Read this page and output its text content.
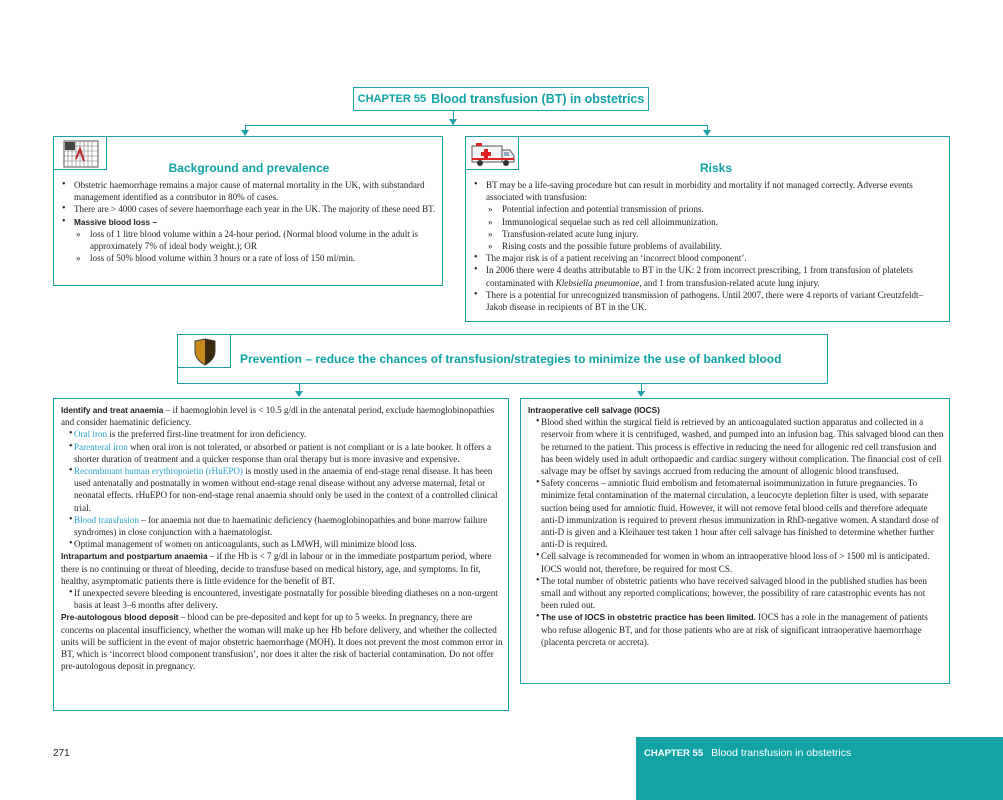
CHAPTER 55 Blood transfusion (BT) in obstetrics
Background and prevalence
• Obstetric haemorrhage remains a major cause of maternal mortality in the UK, with substandard management identified as a contributor in 80% of cases.
• There are > 4000 cases of severe haemorrhage each year in the UK. The majority of these need BT.
• Massive blood loss –
» loss of 1 litre blood volume within a 24-hour period. (Normal blood volume in the adult is approximately 7% of ideal body weight.); OR
» loss of 50% blood volume within 3 hours or a rate of loss of 150 ml/min.
Risks
• BT may be a life-saving procedure but can result in morbidity and mortality if not managed correctly. Adverse events associated with transfusion:
» Potential infection and potential transmission of prions.
» Immunological sequelae such as red cell alloimmunization.
» Transfusion-related acute lung injury.
» Rising costs and the possible future problems of availability.
• The major risk is of a patient receiving an ‘incorrect blood component’.
• In 2006 there were 4 deaths attributable to BT in the UK: 2 from incorrect prescribing, 1 from transfusion of platelets contaminated with Klebsiella pneumoniae, and 1 from transfusion-related acute lung injury.
• There is a potential for unrecognized transmission of pathogens. Until 2007, there were 4 reports of variant Creutzfeldt–Jakob disease in recipients of BT in the UK.
Prevention – reduce the chances of transfusion/strategies to minimize the use of banked blood
Identify and treat anaemia – if haemoglobin level is < 10.5 g/dl in the antenatal period, exclude haemoglobinopathies and consider haematinic deficiency.
• Oral iron is the preferred first-line treatment for iron deficiency.
• Parenteral iron when oral iron is not tolerated, or absorbed or patient is not compliant or is a late booker. It offers a shorter duration of treatment and a quicker response than oral therapy but is more invasive and expensive.
• Recombinant human erythropoietin (rHuEPO) is mostly used in the anaemia of end-stage renal disease. It has been used antenatally and postnatally in women without end-stage renal disease without any adverse maternal, fetal or neonatal effects. rHuEPO for non-end-stage renal anaemia should only be used in the context of a controlled clinical trial.
• Blood transfusion – for anaemia not due to haematinic deficiency (haemoglobinopathies and bone marrow failure syndromes) in close conjunction with a haematologist.
• Optimal management of women on anticoagulants, such as LMWH, will minimize blood loss.
Intrapartum and postpartum anaemia – if the Hb is < 7 g/dl in labour or in the immediate postpartum period, where there is no continuing or threat of bleeding, decide to transfuse based on medical history, age, and symptoms. In fit, healthy, asymptomatic patients there is little evidence for the benefit of BT.
• If unexpected severe bleeding is encountered, investigate postnatally for possible bleeding diatheses on a non-urgent basis at least 3–6 months after delivery.
Pre-autologous blood deposit – blood can be pre-deposited and kept for up to 5 weeks. In pregnancy, there are concerns on placental insufficiency, whether the woman will make up her Hb before delivery, and whether the collected units will be sufficient in the event of major obstetric haemorrhage (MOH). It does not prevent the most common error in BT, which is ‘incorrect blood component transfusion’, nor does it alter the risk of bacterial contamination. Do not offer pre-autologous deposit in pregnancy.
Intraoperative cell salvage (IOCS)
• Blood shed within the surgical field is retrieved by an anticoagulated suction apparatus and collected in a reservoir from where it is centrifuged, washed, and pumped into an infusion bag. This salvaged blood can then be returned to the patient. This process is effective in reducing the need for allogenic red cell transfusion and has been widely used in adult orthopaedic and cardiac surgery without complication. The financial cost of cell salvage may be offset by savings accrued from reducing the amount of allogenic blood transfused.
• Safety concerns – amniotic fluid embolism and fetomaternal isoimmunization in future pregnancies. To minimize fetal contamination of the maternal circulation, a leucocyte depletion filter is used, with separate suction being used for amniotic fluid. However, it will not remove fetal blood cells and therefore adequate anti-D immunization is required to prevent rhesus immunization in RhD-negative women. A standard dose of anti-D is given and a Kleihauer test taken 1 hour after cell salvage has finished to determine whether further anti-D is required.
• Cell salvage is recommended for women in whom an intraoperative blood loss of > 1500 ml is anticipated. IOCS would not, therefore, be required for most CS.
• The total number of obstetric patients who have received salvaged blood in the published studies has been small and without any reported complications; however, the possibility of rare catastrophic events has not been ruled out.
• The use of IOCS in obstetric practice has been limited. IOCS has a role in the management of patients who refuse allogenic BT, and for those patients who are at risk of significant intraoperative haemorrhage (placenta percreta or accreta).
271	CHAPTER 55 Blood transfusion in obstetrics
